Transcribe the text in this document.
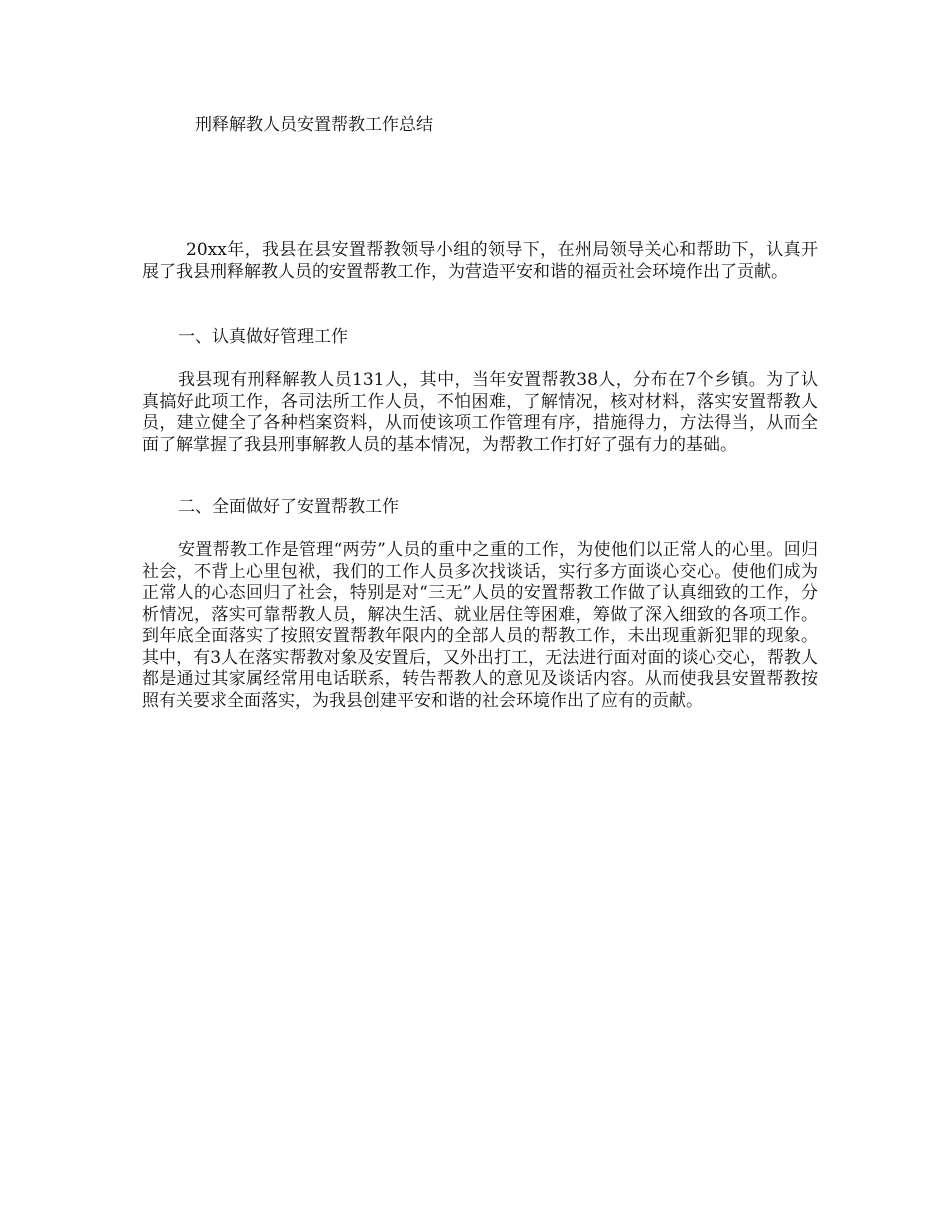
刑释解教人员安置帮教工作总结

20xx年，我县在县安置帮教领导小组的领导下，在州局领导关心和帮助下，认真开展了我县刑释解教人员的安置帮教工作，为营造平安和谐的福贡社会环境作出了贡献。

一、认真做好管理工作

我县现有刑释解教人员131人，其中，当年安置帮教38人，分布在7个乡镇。为了认真搞好此项工作，各司法所工作人员，不怕困难，了解情况，核对材料，落实安置帮教人员，建立健全了各种档案资料，从而使该项工作管理有序，措施得力，方法得当，从而全面了解掌握了我县刑事解教人员的基本情况，为帮教工作打好了强有力的基础。

二、全面做好了安置帮教工作

安置帮教工作是管理“两劳”人员的重中之重的工作，为使他们以正常人的心里。回归社会，不背上心里包袱，我们的工作人员多次找谈话，实行多方面谈心交心。使他们成为正常人的心态回归了社会，特别是对“三无”人员的安置帮教工作做了认真细致的工作，分析情况，落实可靠帮教人员，解决生活、就业居住等困难，筹做了深入细致的各项工作。到年底全面落实了按照安置帮教年限内的全部人员的帮教工作，未出现重新犯罪的现象。其中，有3人在落实帮教对象及安置后，又外出打工，无法进行面对面的谈心交心，帮教人都是通过其家属经常用电话联系，转告帮教人的意见及谈话内容。从而使我县安置帮教按照有关要求全面落实，为我县创建平安和谐的社会环境作出了应有的贡献。
